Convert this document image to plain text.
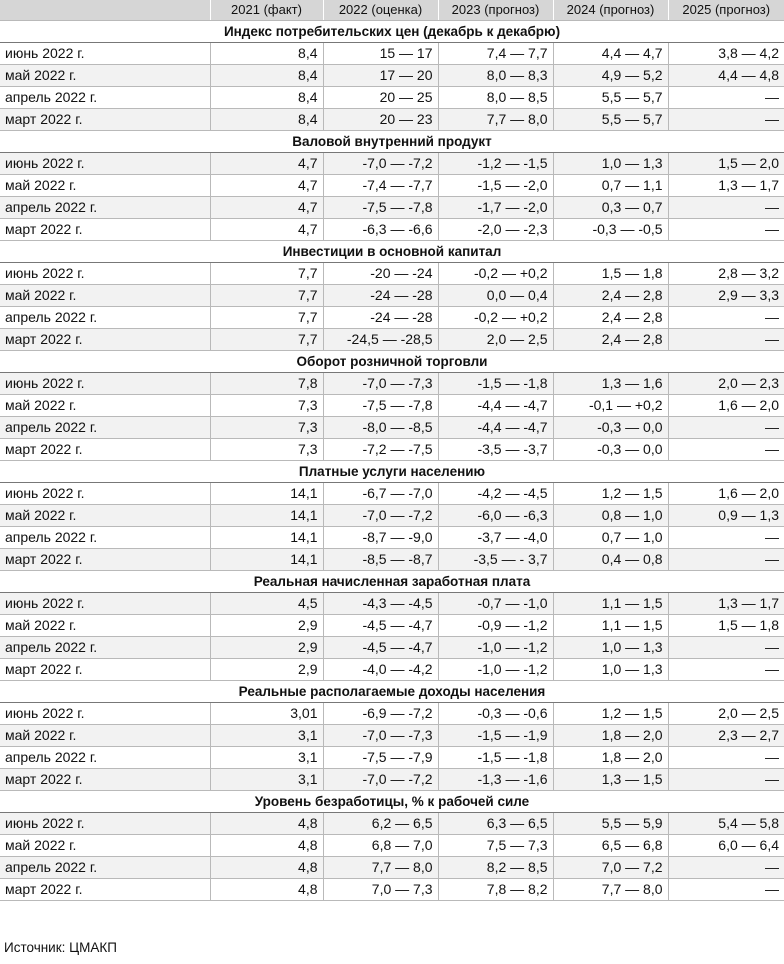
	2021 (факт)	2022 (оценка)	2023 (прогноз)	2024 (прогноз)	2025 (прогноз)
Индекс потребительских цен (декабрь к декабрю)					
июнь 2022 г.	8,4	15 — 17	7,4 — 7,7	4,4 — 4,7	3,8 — 4,2
май 2022 г.	8,4	17 — 20	8,0 — 8,3	4,9 — 5,2	4,4 — 4,8
апрель 2022 г.	8,4	20 — 25	8,0 — 8,5	5,5 — 5,7	—
март 2022 г.	8,4	20 — 23	7,7 — 8,0	5,5 — 5,7	—
Валовой внутренний продукт					
июнь 2022 г.	4,7	-7,0 — -7,2	-1,2 — -1,5	1,0 — 1,3	1,5 — 2,0
май 2022 г.	4,7	-7,4 — -7,7	-1,5 — -2,0	0,7 — 1,1	1,3 — 1,7
апрель 2022 г.	4,7	-7,5 — -7,8	-1,7 — -2,0	0,3 — 0,7	—
март 2022 г.	4,7	-6,3 — -6,6	-2,0 — -2,3	-0,3 — -0,5	—
Инвестиции в основной капитал					
июнь 2022 г.	7,7	-20 — -24	-0,2 — +0,2	1,5 — 1,8	2,8 — 3,2
май 2022 г.	7,7	-24 — -28	0,0 — 0,4	2,4 — 2,8	2,9 — 3,3
апрель 2022 г.	7,7	-24 — -28	-0,2 — +0,2	2,4 — 2,8	—
март 2022 г.	7,7	-24,5 — -28,5	2,0 — 2,5	2,4 — 2,8	—
Оборот розничной торговли					
июнь 2022 г.	7,8	-7,0 — -7,3	-1,5 — -1,8	1,3 — 1,6	2,0 — 2,3
май 2022 г.	7,3	-7,5 — -7,8	-4,4 — -4,7	-0,1 — +0,2	1,6 — 2,0
апрель 2022 г.	7,3	-8,0 — -8,5	-4,4 — -4,7	-0,3 — 0,0	—
март 2022 г.	7,3	-7,2 — -7,5	-3,5 — -3,7	-0,3 — 0,0	—
Платные услуги населению					
июнь 2022 г.	14,1	-6,7 — -7,0	-4,2 — -4,5	1,2 — 1,5	1,6 — 2,0
май 2022 г.	14,1	-7,0 — -7,2	-6,0 — -6,3	0,8 — 1,0	0,9 — 1,3
апрель 2022 г.	14,1	-8,7 — -9,0	-3,7 — -4,0	0,7 — 1,0	—
март 2022 г.	14,1	-8,5 — -8,7	-3,5 — - 3,7	0,4 — 0,8	—
Реальная начисленная заработная плата					
июнь 2022 г.	4,5	-4,3 — -4,5	-0,7 — -1,0	1,1 — 1,5	1,3 — 1,7
май 2022 г.	2,9	-4,5 — -4,7	-0,9 — -1,2	1,1 — 1,5	1,5 — 1,8
апрель 2022 г.	2,9	-4,5 — -4,7	-1,0 — -1,2	1,0 — 1,3	—
март 2022 г.	2,9	-4,0 — -4,2	-1,0 — -1,2	1,0 — 1,3	—
Реальные располагаемые доходы населения					
июнь 2022 г.	3,01	-6,9 — -7,2	-0,3 — -0,6	1,2 — 1,5	2,0 — 2,5
май 2022 г.	3,1	-7,0 — -7,3	-1,5 — -1,9	1,8 — 2,0	2,3 — 2,7
апрель 2022 г.	3,1	-7,5 — -7,9	-1,5 — -1,8	1,8 — 2,0	—
март 2022 г.	3,1	-7,0 — -7,2	-1,3 — -1,6	1,3 — 1,5	—
Уровень безработицы, % к рабочей силе					
июнь 2022 г.	4,8	6,2 — 6,5	6,3 — 6,5	5,5 — 5,9	5,4 — 5,8
май 2022 г.	4,8	6,8 — 7,0	7,5 — 7,3	6,5 — 6,8	6,0 — 6,4
апрель 2022 г.	4,8	7,7 — 8,0	8,2 — 8,5	7,0 — 7,2	—
март 2022 г.	4,8	7,0 — 7,3	7,8 — 8,2	7,7 — 8,0	—
Источник: ЦМАКП
